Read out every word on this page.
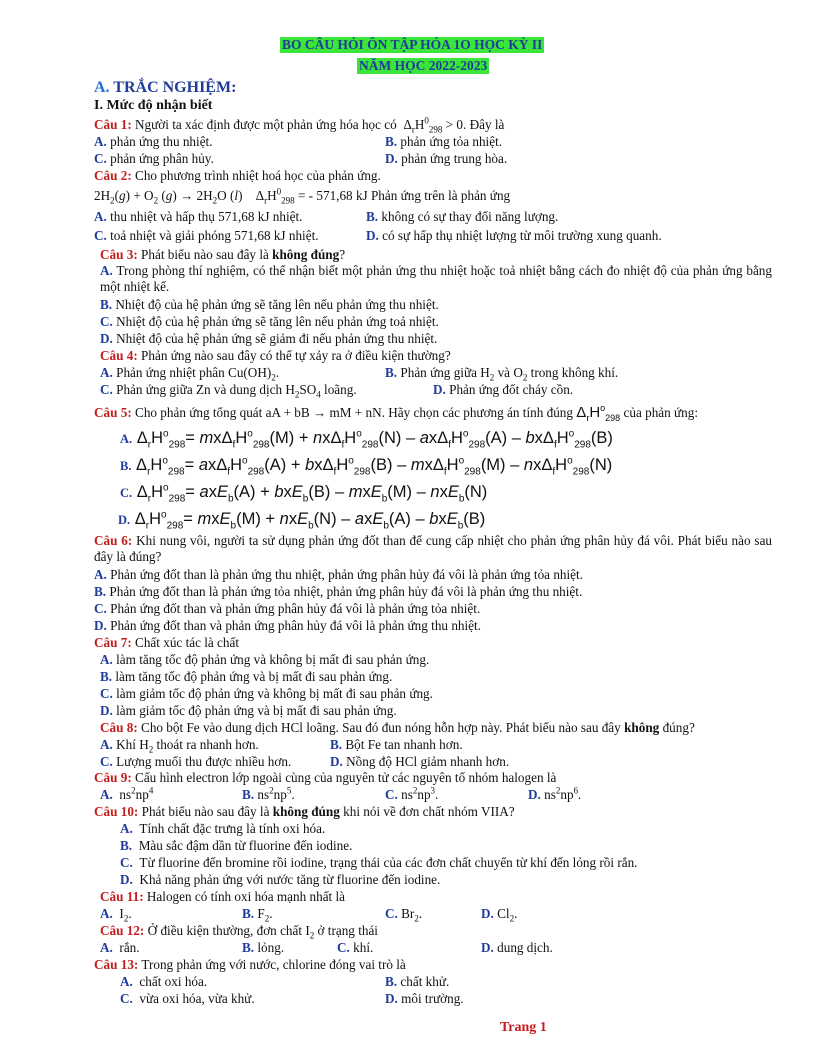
BO CÂU HỎI ÔN TẬP HÓA 1O HỌC KỲ II
NĂM HỌC 2022-2023
A. TRẮC NGHIỆM:
I. Mức độ nhận biết
Câu 1: Người ta xác định được một phản ứng hóa học có  $\Delta_rH^0_{298} > 0$. Đây là
A. phản ứng thu nhiệt.	B. phản ứng tỏa nhiệt.
C. phản ứng phân hủy.	D. phản ứng trung hòa.
Câu 2: Cho phương trình nhiệt hoá học của phản ứng.
$2H_2(g) + O_2$ $(g) \to 2H_2O$ (l)    $\Delta_rH^0_{298}$ = - 571,68 kJ Phản ứng trên là phản ứng
A. thu nhiệt và hấp thụ 571,68 kJ nhiệt.	B. không có sự thay đổi năng lượng.
C. toả nhiệt và giải phóng 571,68 kJ nhiệt.	D. có sự hấp thụ nhiệt lượng từ môi trường xung quanh.
Câu 3: Phát biểu nào sau đây là không đúng?
A. Trong phòng thí nghiệm, có thể nhận biết một phản ứng thu nhiệt hoặc toả nhiệt bằng cách đo nhiệt độ của phản ứng bằng một nhiệt kế.
B. Nhiệt độ của hệ phản ứng sẽ tăng lên nếu phản ứng thu nhiệt.
C. Nhiệt độ của hệ phản ứng sẽ tăng lên nếu phản ứng toả nhiệt.
D. Nhiệt độ của hệ phản ứng sẽ giảm đi nếu phản ứng thu nhiệt.
Câu 4: Phản ứng nào sau đây có thể tự xảy ra ở điều kiện thường?
A. Phản ứng nhiệt phân $Cu(OH)_2$.	B. Phản ứng giữa $H_2$ và $O_2$ trong không khí.
C. Phản ứng giữa Zn và dung dịch $H_2SO_4$ loãng.	D. Phản ứng đốt cháy cồn.
Câu 5: Cho phản ứng tổng quát aA + bB → mM + nN. Hãy chọn các phương án tính đúng $\Delta_rH^o_{298}$ của phản ứng:
A. $\Delta_rH^o_{298}= mx\Delta_fH^o_{298}(M) + nx\Delta_fH^o_{298}(N) - ax\Delta_fH^o_{298}(A) - bx\Delta_fH^o_{298}(B)$
B. $\Delta_rH^o_{298}= ax\Delta_fH^o_{298}(A) + bx\Delta_fH^o_{298}(B) - mx\Delta_fH^o_{298}(M) - nx\Delta_fH^o_{298}(N)$
C. $\Delta_rH^o_{298}= axE_b(A) + bxE_b(B) - mxE_b(M) - nxE_b(N)$
D. $\Delta_rH^o_{298}= mxE_b(M) + nxE_b(N) - axE_b(A) - bxE_b(B)$
Câu 6: Khi nung vôi, người ta sử dụng phản ứng đốt than để cung cấp nhiệt cho phản ứng phân hủy đá vôi. Phát biểu nào sau đây là đúng?
A. Phản ứng đốt than là phản ứng thu nhiệt, phản ứng phân hủy đá vôi là phản ứng tỏa nhiệt.
B. Phản ứng đốt than là phản ứng tỏa nhiệt, phản ứng phân hủy đá vôi là phản ứng thu nhiệt.
C. Phản ứng đốt than và phản ứng phân hủy đá vôi là phản ứng tỏa nhiệt.
D. Phản ứng đốt than và phản ứng phân hủy đá vôi là phản ứng thu nhiệt.
Câu 7: Chất xúc tác là chất
A. làm tăng tốc độ phản ứng và không bị mất đi sau phản ứng.
B. làm tăng tốc độ phản ứng và bị mất đi sau phản ứng.
C. làm giảm tốc độ phản ứng và không bị mất đi sau phản ứng.
D. làm giảm tốc độ phản ứng và bị mất đi sau phản ứng.
Câu 8: Cho bột Fe vào dung dịch HCl loãng. Sau đó đun nóng hỗn hợp này. Phát biểu nào sau đây không đúng?
A. Khí $H_2$ thoát ra nhanh hơn.	B. Bột Fe tan nhanh hơn.
C. Lượng muối thu được nhiều hơn.	D. Nồng độ HCl giảm nhanh hơn.
Câu 9: Cấu hình electron lớp ngoài cùng của nguyên tử các nguyên tố nhóm halogen là
A.  $ns^2np^4$	B. $ns^2np^5$.	C. $ns^2np^3$.	D. $ns^2np^6$.
Câu 10: Phát biểu nào sau đây là không đúng khi nói về đơn chất nhóm VIIA?
A. Tính chất đặc trưng là tính oxi hóa.
B. Màu sắc đậm dần từ fluorine đến iodine.
C. Từ fluorine đến bromine rồi iodine, trạng thái của các đơn chất chuyển từ khí đến lỏng rồi rắn.
D. Khả năng phản ứng với nước tăng từ fluorine đến iodine.
Câu 11: Halogen có tính oxi hóa mạnh nhất là
A.  $I_2$.	B. $F_2$.	C. $Br_2$.	D. $Cl_2$.
Câu 12: Ở điều kiện thường, đơn chất $I_2$ ở trạng thái
A. rắn.	B. lỏng.	C. khí.	D. dung dịch.
Câu 13: Trong phản ứng với nước, chlorine đóng vai trò là
A. chất oxi hóa.	B. chất khử.
C. vừa oxi hóa, vừa khử.	D. môi trường.
Trang 1
